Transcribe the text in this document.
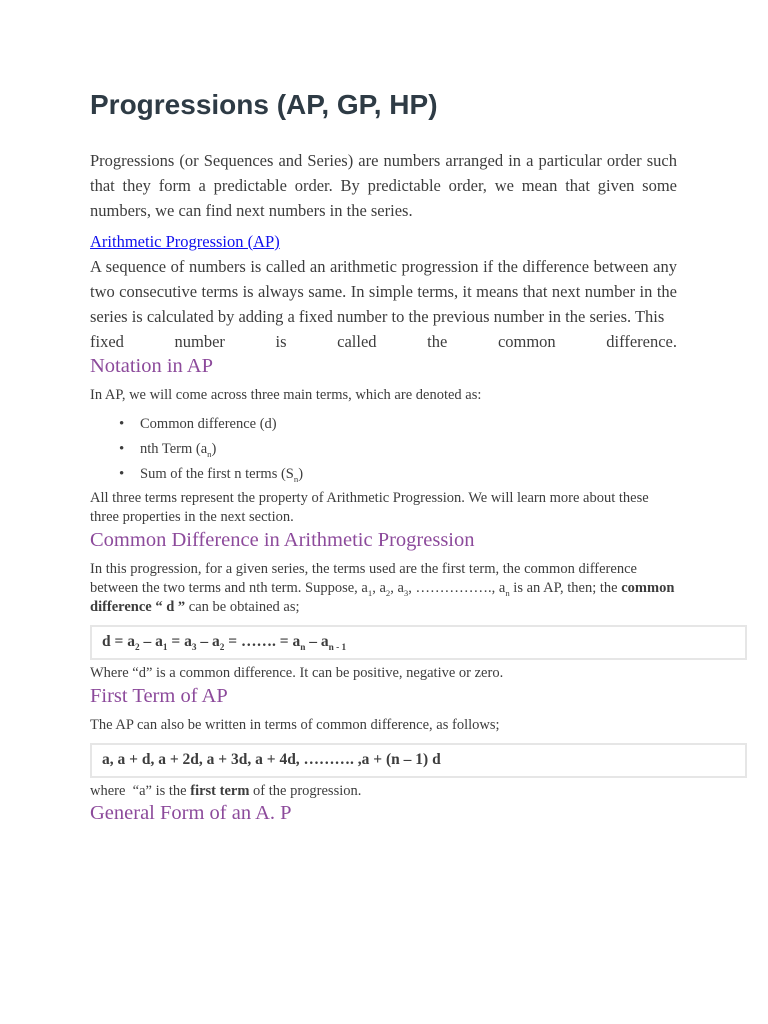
Progressions (AP, GP, HP)
Progressions (or Sequences and Series) are numbers arranged in a particular order such that they form a predictable order. By predictable order, we mean that given some numbers, we can find next numbers in the series.
Arithmetic Progression (AP)
A sequence of numbers is called an arithmetic progression if the difference between any two consecutive terms is always same. In simple terms, it means that next number in the series is calculated by adding a fixed number to the previous number in the series. This
fixed number is called the common difference.
Notation in AP
In AP, we will come across three main terms, which are denoted as:
• Common difference (d)
• nth Term $(a_n)$
• Sum of the first n terms $(S_n)$
All three terms represent the property of Arithmetic Progression. We will learn more about these three properties in the next section.
Common Difference in Arithmetic Progression
In this progression, for a given series, the terms used are the first term, the common difference between the two terms and nth term. Suppose, $a_1$, $a_2$, $a_3$, ……………., $a_n$ is an AP, then; the common difference “ d ” can be obtained as;
$d = a_2 - a_1 = a_3 - a_2$ = ……. = $a_n - a_{n - 1}$
Where “d” is a common difference. It can be positive, negative or zero.
First Term of AP
The AP can also be written in terms of common difference, as follows;
a, a + d, a + 2d, a + 3d, a + 4d, ………. ,a + (n – 1) d
where  “a” is the first term of the progression.
General Form of an A. P
